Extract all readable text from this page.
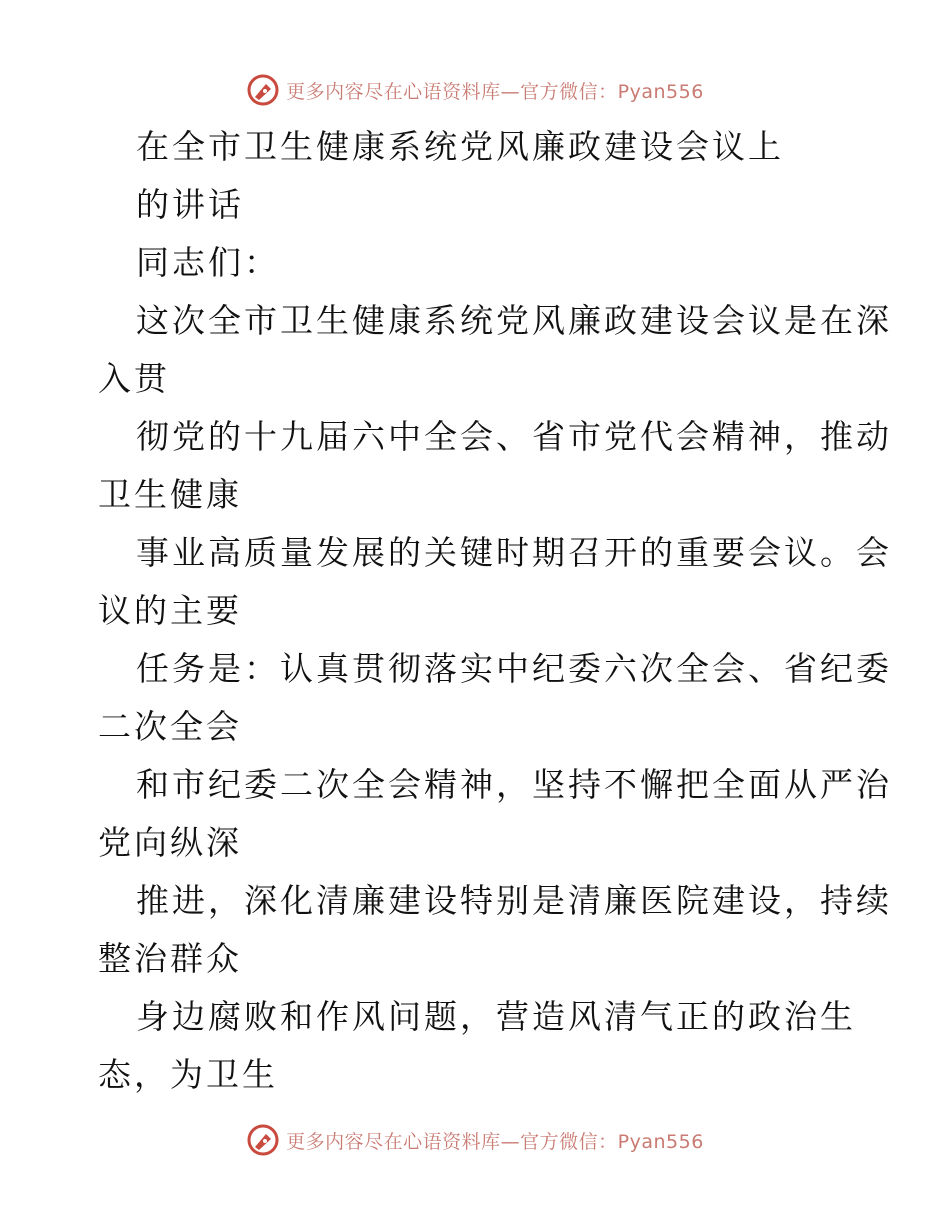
更多内容尽在心语资料库—官方微信：Pyan556
在全市卫生健康系统党风廉政建设会议上
的讲话
同志们：
这次全市卫生健康系统党风廉政建设会议是在深
入贯
彻党的十九届六中全会、省市党代会精神，推动
卫生健康
事业高质量发展的关键时期召开的重要会议。会
议的主要
任务是：认真贯彻落实中纪委六次全会、省纪委
二次全会
和市纪委二次全会精神，坚持不懈把全面从严治
党向纵深
推进，深化清廉建设特别是清廉医院建设，持续
整治群众
身边腐败和作风问题，营造风清气正的政治生
态，为卫生
更多内容尽在心语资料库—官方微信：Pyan556
